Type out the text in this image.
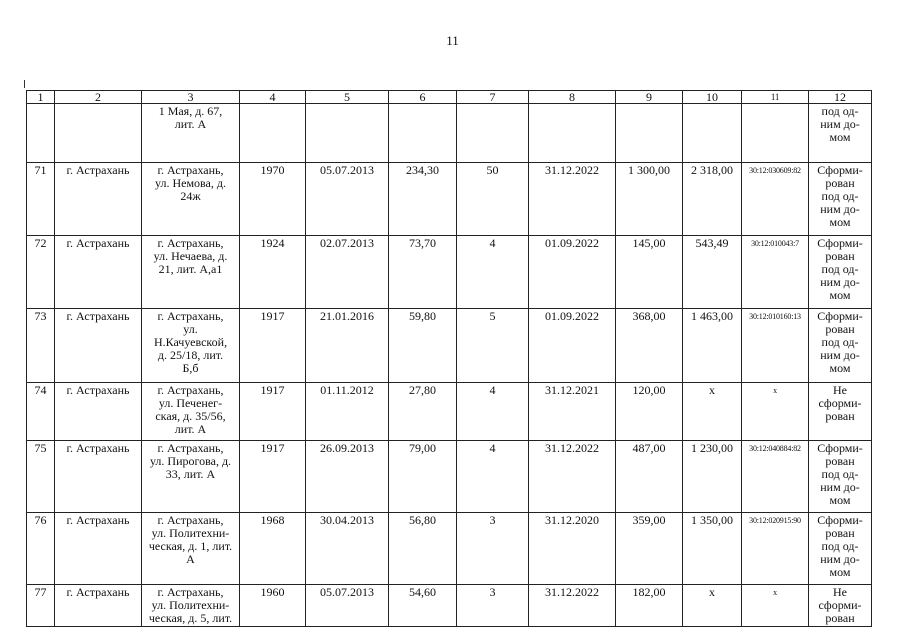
11
1	2	3	4	5	6	7	8	9	10	11	12

		1 Мая, д. 67,
лит. А									под од-
ним до-
мом

71	г. Астрахань	г. Астрахань,
ул. Немова, д.
24ж	1970	05.07.2013	234,30	50	31.12.2022	1 300,00	2 318,00	30:12:030609:82	Сформи-
рован
под од-
ним до-
мом

72	г. Астрахань	г. Астрахань,
ул. Нечаева, д.
21, лит. А,а1	1924	02.07.2013	73,70	4	01.09.2022	145,00	543,49	30:12:010043:7	Сформи-
рован
под од-
ним до-
мом

73	г. Астрахань	г. Астрахань,
ул.
Н.Качуевской,
д. 25/18, лит.
Б,б	1917	21.01.2016	59,80	5	01.09.2022	368,00	1 463,00	30:12:010160:13	Сформи-
рован
под од-
ним до-
мом

74	г. Астрахань	г. Астрахань,
ул. Печенег-
ская, д. 35/56,
лит. А	1917	01.11.2012	27,80	4	31.12.2021	120,00	х	х	Не
сформи-
рован

75	г. Астрахань	г. Астрахань,
ул. Пирогова, д.
33, лит. А	1917	26.09.2013	79,00	4	31.12.2022	487,00	1 230,00	30:12:040884:82	Сформи-
рован
под од-
ним до-
мом

76	г. Астрахань	г. Астрахань,
ул. Политехни-
ческая, д. 1, лит.
А	1968	30.04.2013	56,80	3	31.12.2020	359,00	1 350,00	30:12:020915:90	Сформи-
рован
под од-
ним до-
мом

77	г. Астрахань	г. Астрахань,
ул. Политехни-
ческая, д. 5, лит.	1960	05.07.2013	54,60	3	31.12.2022	182,00	х	х	Не
сформи-
рован
